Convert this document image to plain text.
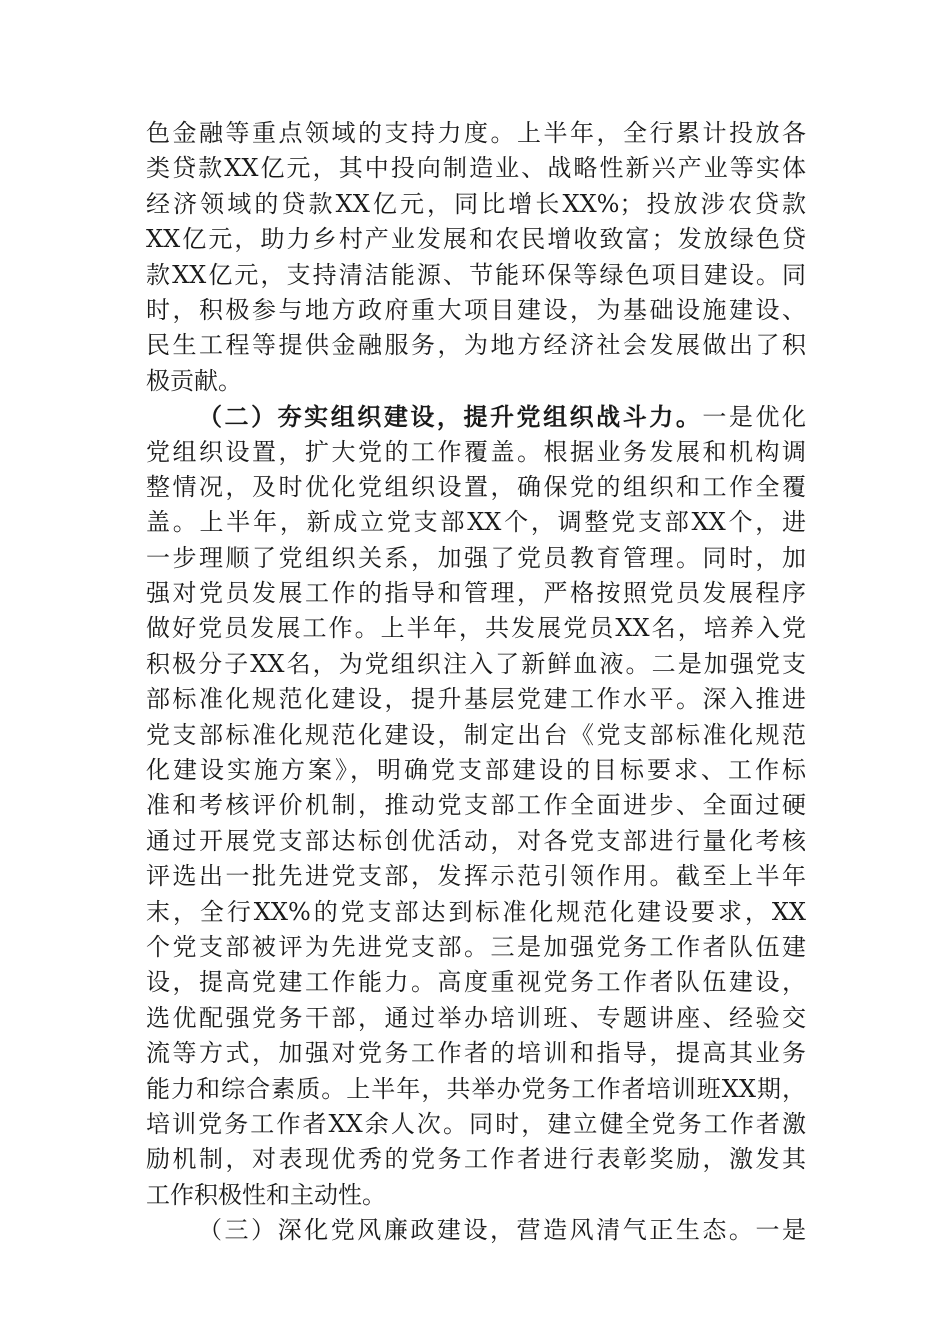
色金融等重点领域的支持力度。上半年，全行累计投放各
类贷款XX亿元，其中投向制造业、战略性新兴产业等实体
经济领域的贷款XX亿元，同比增长XX%；投放涉农贷款
XX亿元，助力乡村产业发展和农民增收致富；发放绿色贷
款XX亿元，支持清洁能源、节能环保等绿色项目建设。同
时，积极参与地方政府重大项目建设，为基础设施建设、
民生工程等提供金融服务，为地方经济社会发展做出了积
极贡献。
（二）夯实组织建设，提升党组织战斗力。一是优化
党组织设置，扩大党的工作覆盖。根据业务发展和机构调
整情况，及时优化党组织设置，确保党的组织和工作全覆
盖。上半年，新成立党支部XX个，调整党支部XX个，进
一步理顺了党组织关系，加强了党员教育管理。同时，加
强对党员发展工作的指导和管理，严格按照党员发展程序
做好党员发展工作。上半年，共发展党员XX名，培养入党
积极分子XX名，为党组织注入了新鲜血液。二是加强党支
部标准化规范化建设，提升基层党建工作水平。深入推进
党支部标准化规范化建设，制定出台《党支部标准化规范
化建设实施方案》，明确党支部建设的目标要求、工作标
准和考核评价机制，推动党支部工作全面进步、全面过硬
通过开展党支部达标创优活动，对各党支部进行量化考核
评选出一批先进党支部，发挥示范引领作用。截至上半年
末，全行XX%的党支部达到标准化规范化建设要求，XX
个党支部被评为先进党支部。三是加强党务工作者队伍建
设，提高党建工作能力。高度重视党务工作者队伍建设，
选优配强党务干部，通过举办培训班、专题讲座、经验交
流等方式，加强对党务工作者的培训和指导，提高其业务
能力和综合素质。上半年，共举办党务工作者培训班XX期，
培训党务工作者XX余人次。同时，建立健全党务工作者激
励机制，对表现优秀的党务工作者进行表彰奖励，激发其
工作积极性和主动性。
（三）深化党风廉政建设，营造风清气正生态。一是
